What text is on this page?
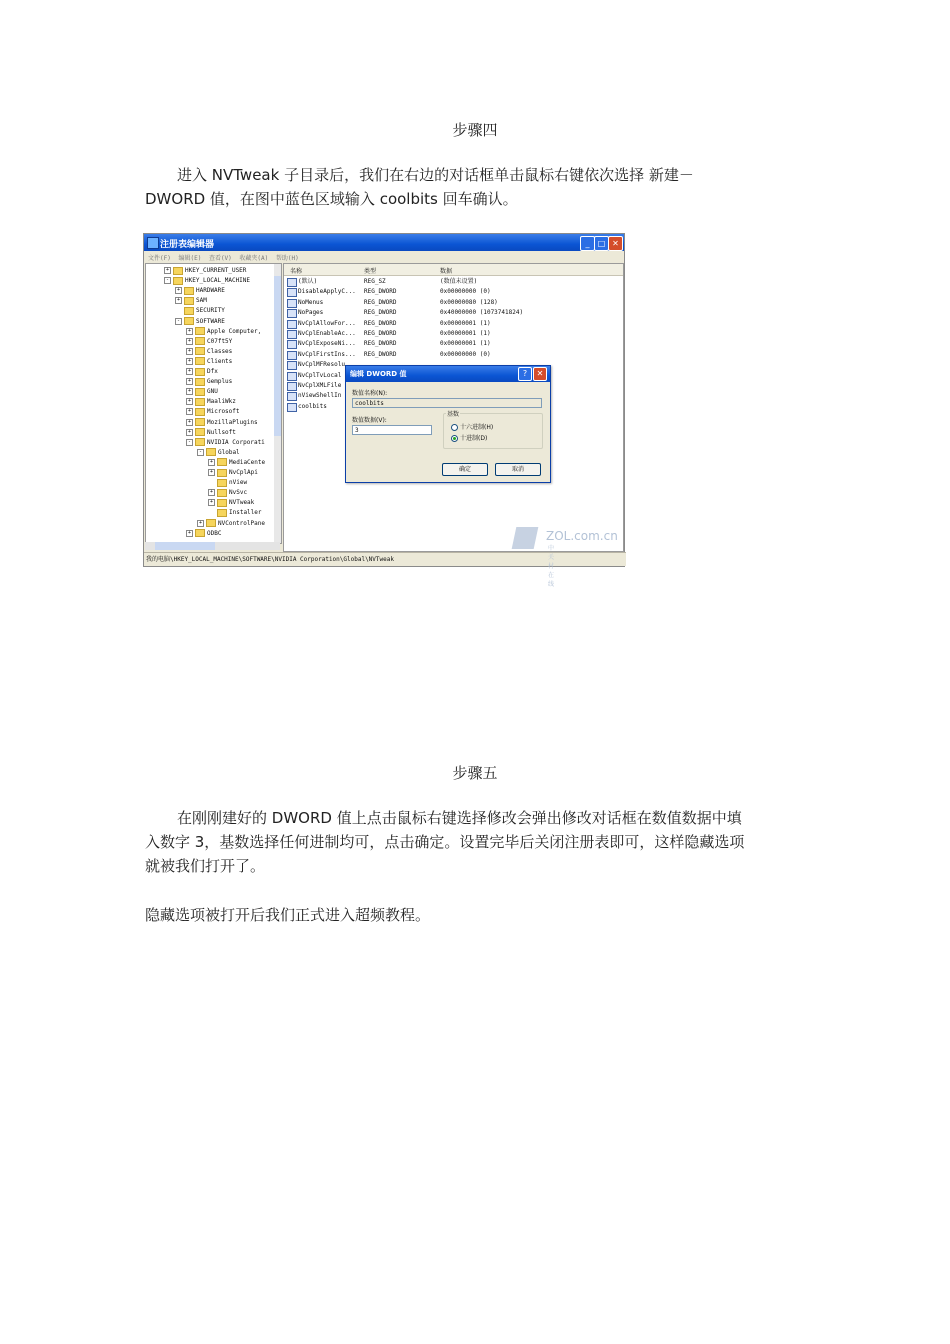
步骤四
进入 NVTweak 子目录后，我们在右边的对话框单击鼠标右键依次选择 新建－
DWORD 值，在图中蓝色区域输入 coolbits 回车确认。
注册表编辑器	_	□ ✕
文件(F) 编辑(E) 查看(V) 收藏夹(A) 帮助(H)
+	HKEY_CURRENT_USER
-	HKEY_LOCAL_MACHINE
+	HARDWARE
+	SAM
SECURITY
-	SOFTWARE
+	Apple Computer,
+	C07ft5Y
+	Classes
+	Clients
+	Dfx
+	Gemplus
+	GNU
+	MaaliWkz
+	Microsoft
+	MozillaPlugins
+	Nullsoft
-	NVIDIA Corporati
-	Global
+	MediaCente
+	NvCplApi
nView
+	NvSvc
+	NVTweak
Installer
+	NVControlPane
+	ODBC
名称	类型	数据
(默认)	REG_SZ	(数值未设置)
DisableApplyC... REG_DWORD	0x00000000 (0)
NoMenus	REG_DWORD	0x00000080 (128)
NoPages	REG_DWORD	0x40000000 (1073741824)
NvCplAllowFor... REG_DWORD	0x00000001 (1)
NvCplEnableAc... REG_DWORD	0x00000001 (1)
NvCplExposeNi... REG_DWORD	0x00000001 (1)
NvCplFirstIns... REG_DWORD	0x00000000 (0)
NvCplMFResolu
NvCplTvLocal
NvCplXMLFile
nViewShellIn
coolbits
我的电脑\HKEY_LOCAL_MACHINE\SOFTWARE\NVIDIA Corporation\Global\NVTweak
ZOL.com.cn
中关村在线
编辑 DWORD 值	?	✕
数值名称(N):
coolbits
数值数据(V):
3
基数
十六进制(H)
十进制(D)
确定	取消
步骤五
在刚刚建好的 DWORD 值上点击鼠标右键选择修改会弹出修改对话框在数值数据中填
入数字 3，基数选择任何进制均可，点击确定。设置完毕后关闭注册表即可，这样隐藏选项
就被我们打开了。
隐藏选项被打开后我们正式进入超频教程。
